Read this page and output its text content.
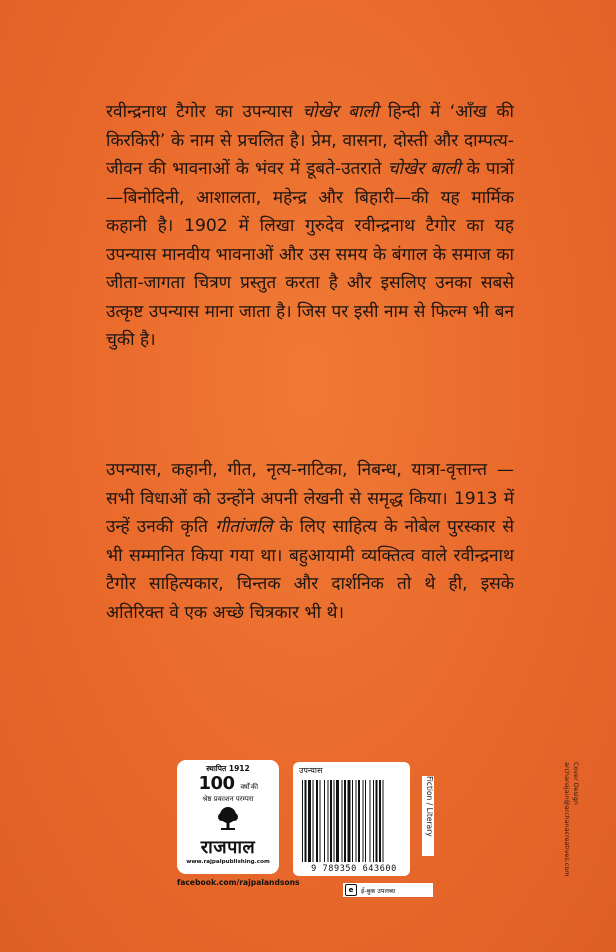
रवीन्द्रनाथ टैगोर का उपन्यास चोखेर बाली हिन्दी में ‘आँख की किरकिरी’ के नाम से प्रचलित है। प्रेम, वासना, दोस्ती और दाम्पत्य-जीवन की भावनाओं के भंवर में डूबते-उतराते चोखेर बाली के पात्रों—बिनोदिनी, आशालता, महेन्द्र और बिहारी—की यह मार्मिक कहानी है। 1902 में लिखा गुरुदेव रवीन्द्रनाथ टैगोर का यह उपन्यास मानवीय भावनाओं और उस समय के बंगाल के समाज का जीता-जागता चित्रण प्रस्तुत करता है और इसलिए उनका सबसे उत्कृष्ट उपन्यास माना जाता है। जिस पर इसी नाम से फिल्म भी बन चुकी है।

उपन्यास, कहानी, गीत, नृत्य-नाटिका, निबन्ध, यात्रा-वृत्तान्त —सभी विधाओं को उन्होंने अपनी लेखनी से समृद्ध किया। 1913 में उन्हें उनकी कृति गीतांजलि के लिए साहित्य के नोबेल पुरस्कार से भी सम्मानित किया गया था। बहुआयामी व्यक्तित्व वाले रवीन्द्रनाथ टैगोर साहित्यकार, चिन्तक और दार्शनिक तो थे ही, इसके अतिरिक्त वे एक अच्छे चित्रकार भी थे।

स्थापित 1912
100 वर्षों की
श्रेष्ठ प्रकाशन परम्परा
राजपाल
www.rajpalpublishing.com
facebook.com/rajpalandsons
उपन्यास
9 789350 643600
Fiction / Literary
e	ई-बुक उपलब्ध
Cover Design
archanajain@archanacreatives.com
